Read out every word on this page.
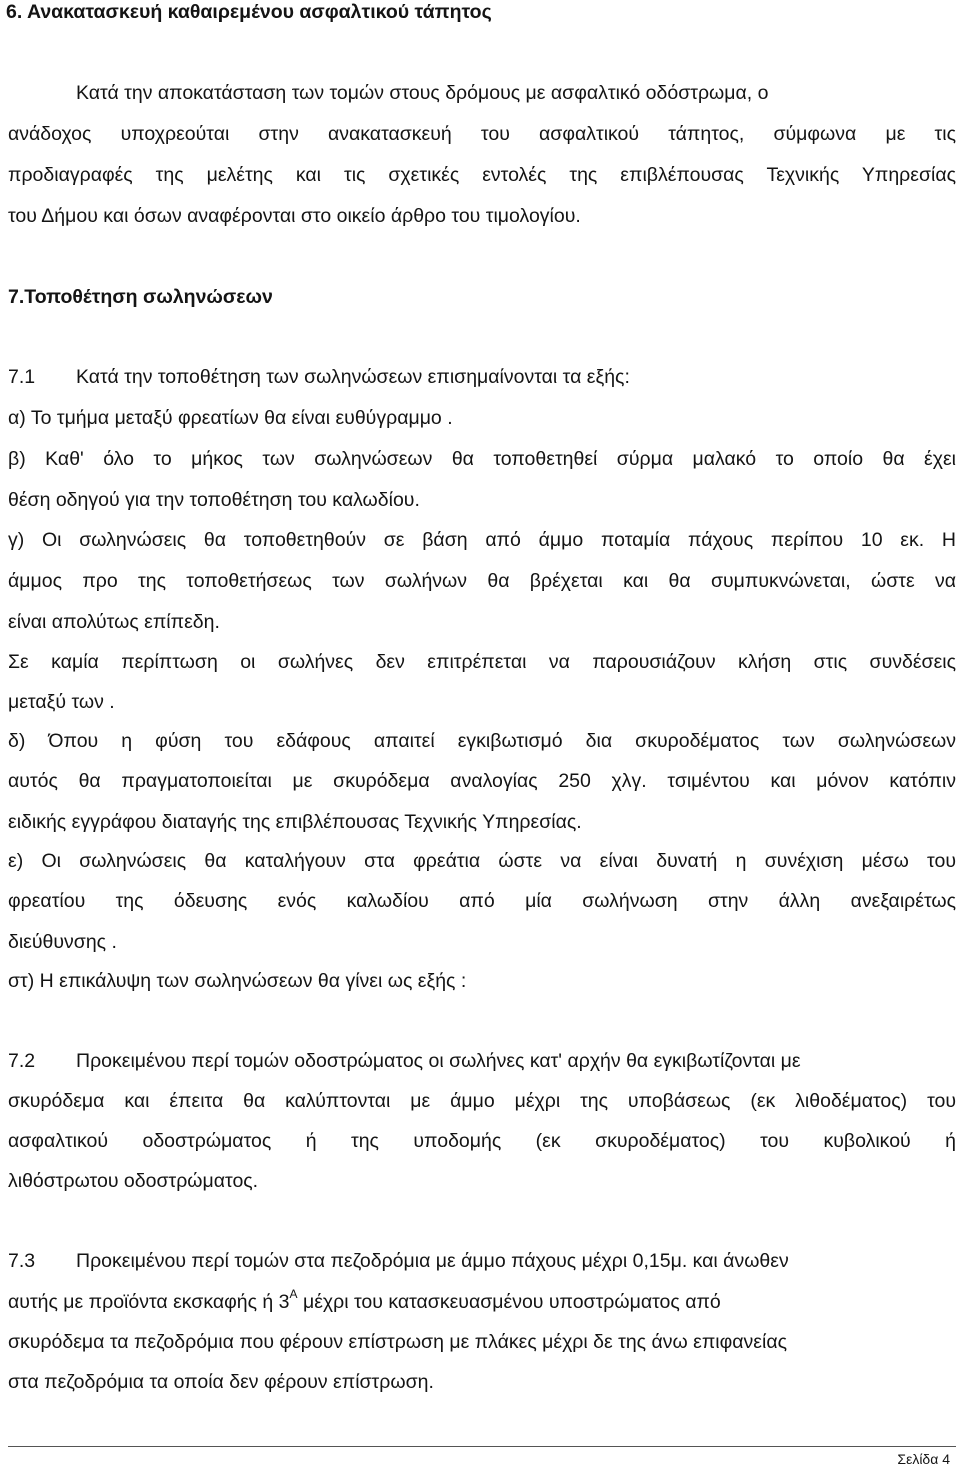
6. Ανακατασκευή καθαιρεμένου ασφαλτικού τάπητος
Κατά την αποκατάσταση των τομών στους δρόμους με ασφαλτικό οδόστρωμα, ο
ανάδοχος υποχρεούται στην ανακατασκευή του ασφαλτικού τάπητος, σύμφωνα με τις
προδιαγραφές της μελέτης και τις σχετικές εντολές της επιβλέπουσας Τεχνικής Υπηρεσίας
του Δήμου και όσων αναφέρονται στο οικείο άρθρο του τιμολογίου.
7.Τοποθέτηση σωληνώσεων
7.1 Κατά την τοποθέτηση των σωληνώσεων επισημαίνονται τα εξής:
α) Το τμήμα μεταξύ φρεατίων θα είναι ευθύγραμμο .
β) Καθ' όλο το μήκος των σωληνώσεων θα τοποθετηθεί σύρμα μαλακό το οποίο θα έχει
θέση οδηγού για την τοποθέτηση του καλωδίου.
γ) Οι σωληνώσεις θα τοποθετηθούν σε βάση από άμμο ποταμία πάχους περίπου 10 εκ. Η
άμμος προ της τοποθετήσεως των σωλήνων θα βρέχεται και θα συμπυκνώνεται, ώστε να
είναι απολύτως επίπεδη.
Σε καμία περίπτωση οι σωλήνες δεν επιτρέπεται να παρουσιάζουν κλήση στις συνδέσεις
μεταξύ των .
δ) Όπου η φύση του εδάφους απαιτεί εγκιβωτισμό δια σκυροδέματος των σωληνώσεων
αυτός θα πραγματοποιείται με σκυρόδεμα αναλογίας 250 χλγ. τσιμέντου και μόνον κατόπιν
ειδικής εγγράφου διαταγής της επιβλέπουσας Τεχνικής Υπηρεσίας.
ε) Οι σωληνώσεις θα καταλήγουν στα φρεάτια ώστε να είναι δυνατή η συνέχιση μέσω του
φρεατίου της όδευσης ενός καλωδίου από μία σωλήνωση στην άλλη ανεξαιρέτως
διεύθυνσης .
στ) Η επικάλυψη των σωληνώσεων θα γίνει ως εξής :
7.2 Προκειμένου περί τομών οδοστρώματος οι σωλήνες κατ' αρχήν θα εγκιβωτίζονται με
σκυρόδεμα και έπειτα θα καλύπτονται με άμμο μέχρι της υποβάσεως (εκ λιθοδέματος) του
ασφαλτικού οδοστρώματος ή της υποδομής (εκ σκυροδέματος) του κυβολικού ή
λιθόστρωτου οδοστρώματος.
7.3 Προκειμένου περί τομών στα πεζοδρόμια με άμμο πάχους μέχρι 0,15μ. και άνωθεν
αυτής με προϊόντα εκσκαφής ή $3^A$ μέχρι του κατασκευασμένου υποστρώματος από
σκυρόδεμα τα πεζοδρόμια που φέρουν επίστρωση με πλάκες μέχρι δε της άνω επιφανείας
στα πεζοδρόμια τα οποία δεν φέρουν επίστρωση.
Σελίδα 4
